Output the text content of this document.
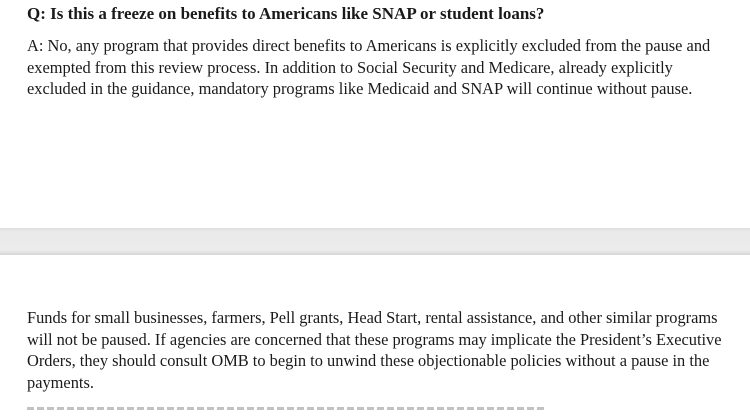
Q: Is this a freeze on benefits to Americans like SNAP or student loans?

A: No, any program that provides direct benefits to Americans is explicitly excluded from the pause and exempted from this review process. In addition to Social Security and Medicare, already explicitly excluded in the guidance, mandatory programs like Medicaid and SNAP will continue without pause.

Funds for small businesses, farmers, Pell grants, Head Start, rental assistance, and other similar programs will not be paused. If agencies are concerned that these programs may implicate the President’s Executive Orders, they should consult OMB to begin to unwind these objectionable policies without a pause in the payments.
